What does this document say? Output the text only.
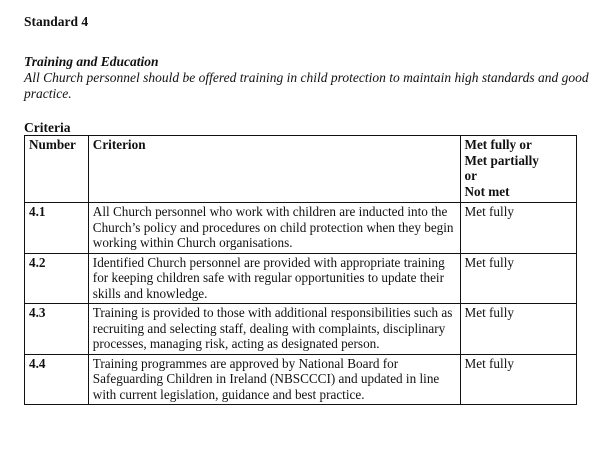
Standard 4
Training and Education
All Church personnel should be offered training in child protection to maintain high standards and good practice.
Criteria
Number	Criterion	Met fully or
Met partially
or
Not met

4.1	All Church personnel who work with children are inducted into the Church’s policy and procedures on child protection when they begin working within Church organisations.	Met fully
4.2	Identified Church personnel are provided with appropriate training for keeping children safe with regular opportunities to update their skills and knowledge.	Met fully
4.3	Training is provided to those with additional responsibilities such as recruiting and selecting staff, dealing with complaints, disciplinary processes, managing risk, acting as designated person.	Met fully
4.4	Training programmes are approved by National Board for Safeguarding Children in Ireland (NBSCCCI) and updated in line with current legislation, guidance and best practice.	Met fully
